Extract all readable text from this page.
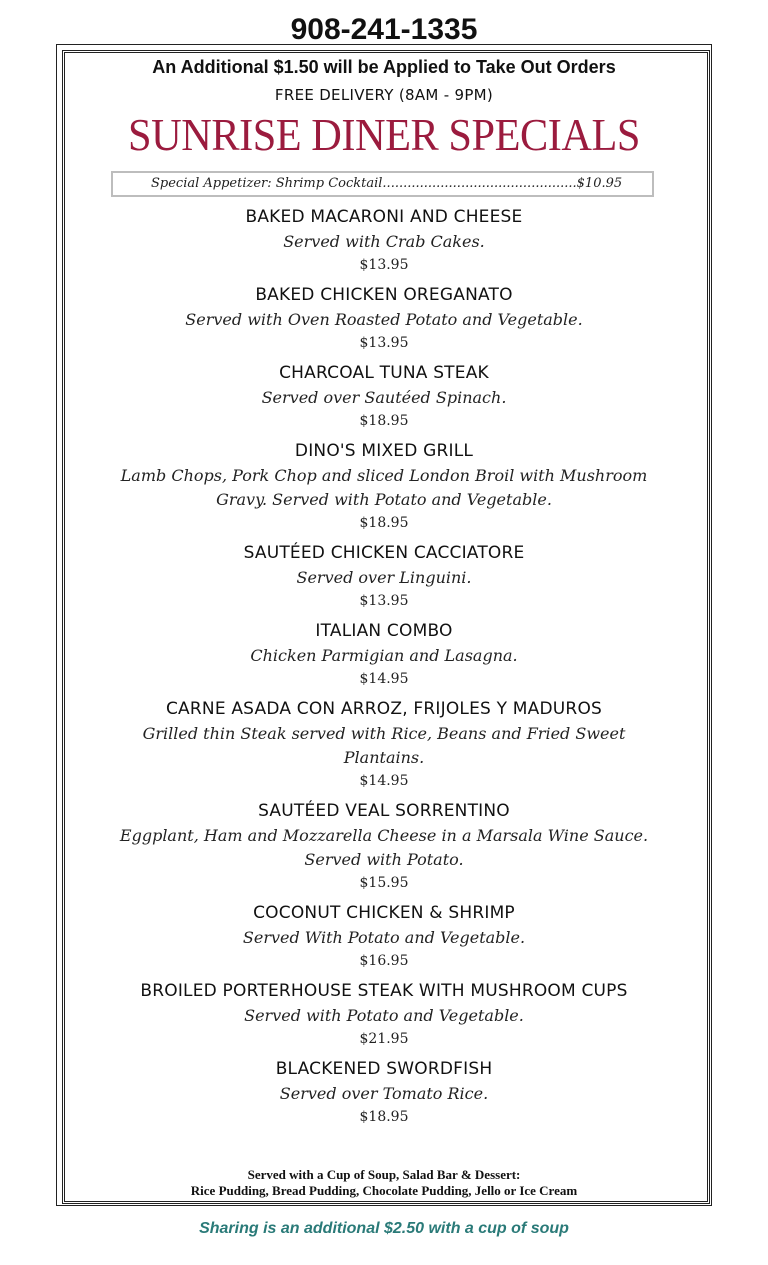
908-241-1335
An Additional $1.50 will be Applied to Take Out Orders
FREE DELIVERY (8AM - 9PM)
SUNRISE DINER SPECIALS
Special Appetizer: Shrimp Cocktail...............................................$10.95
BAKED MACARONI AND CHEESE
Served with Crab Cakes.
$13.95
BAKED CHICKEN OREGANATO
Served with Oven Roasted Potato and Vegetable.
$13.95
CHARCOAL TUNA STEAK
Served over Sautéed Spinach.
$18.95
DINO'S MIXED GRILL
Lamb Chops, Pork Chop and sliced London Broil with Mushroom Gravy. Served with Potato and Vegetable.
$18.95
SAUTÉED CHICKEN CACCIATORE
Served over Linguini.
$13.95
ITALIAN COMBO
Chicken Parmigian and Lasagna.
$14.95
CARNE ASADA CON ARROZ, FRIJOLES Y MADUROS
Grilled thin Steak served with Rice, Beans and Fried Sweet Plantains.
$14.95
SAUTÉED VEAL SORRENTINO
Eggplant, Ham and Mozzarella Cheese in a Marsala Wine Sauce. Served with Potato.
$15.95
COCONUT CHICKEN & SHRIMP
Served With Potato and Vegetable.
$16.95
BROILED PORTERHOUSE STEAK WITH MUSHROOM CUPS
Served with Potato and Vegetable.
$21.95
BLACKENED SWORDFISH
Served over Tomato Rice.
$18.95
Served with a Cup of Soup, Salad Bar & Dessert:
Rice Pudding, Bread Pudding, Chocolate Pudding, Jello or Ice Cream
Sharing is an additional $2.50 with a cup of soup
